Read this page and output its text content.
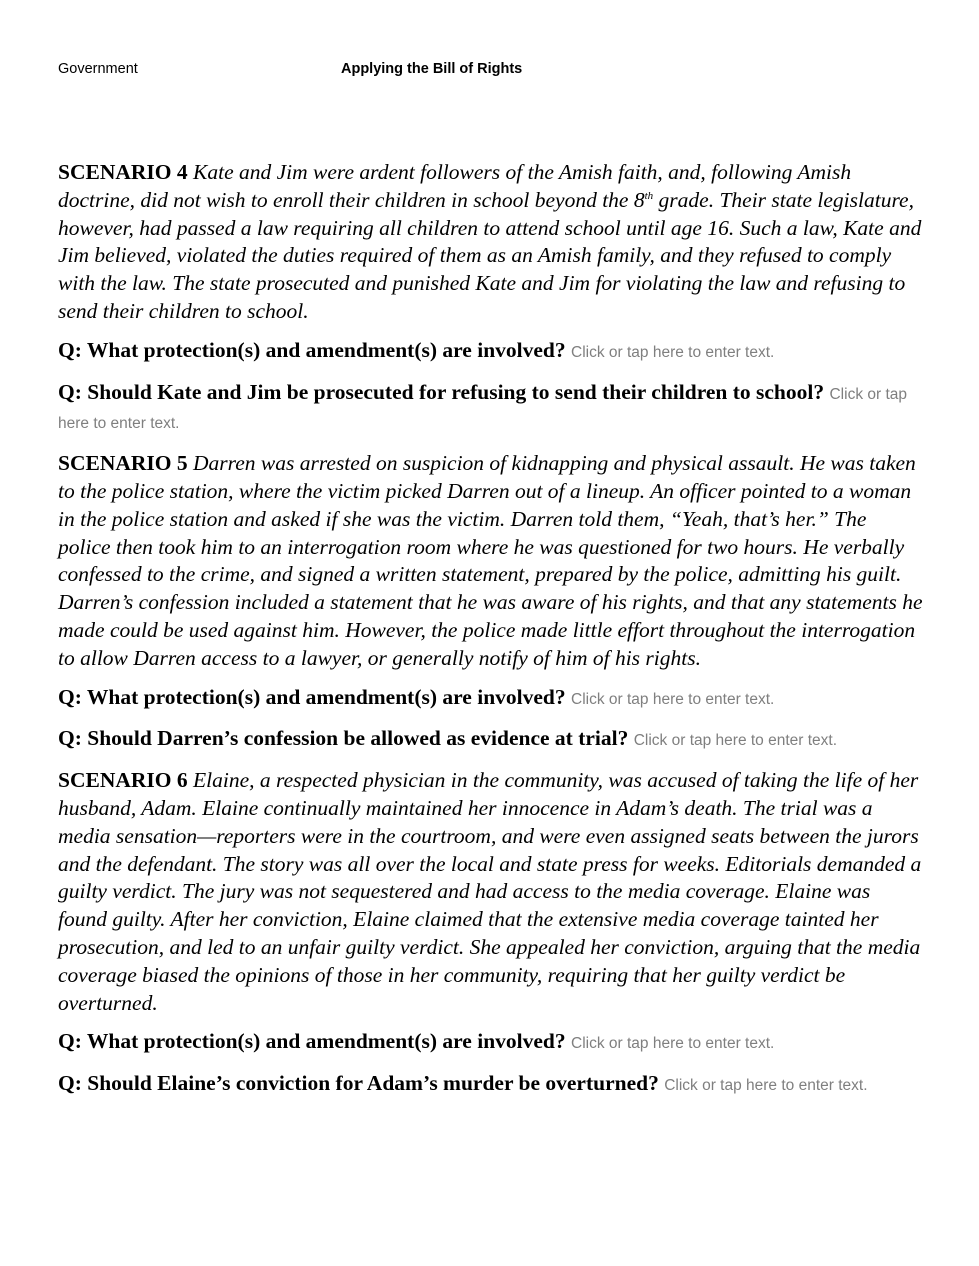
Government	Applying the Bill of Rights

SCENARIO 4 Kate and Jim were ardent followers of the Amish faith, and, following Amish doctrine, did not wish to enroll their children in school beyond the 8th grade. Their state legislature, however, had passed a law requiring all children to attend school until age 16. Such a law, Kate and Jim believed, violated the duties required of them as an Amish family, and they refused to comply with the law. The state prosecuted and punished Kate and Jim for violating the law and refusing to send their children to school.

Q: What protection(s) and amendment(s) are involved? Click or tap here to enter text.

Q: Should Kate and Jim be prosecuted for refusing to send their children to school? Click or tap here to enter text.

SCENARIO 5 Darren was arrested on suspicion of kidnapping and physical assault. He was taken to the police station, where the victim picked Darren out of a lineup. An officer pointed to a woman in the police station and asked if she was the victim. Darren told them, “Yeah, that’s her.” The police then took him to an interrogation room where he was questioned for two hours. He verbally confessed to the crime, and signed a written statement, prepared by the police, admitting his guilt. Darren’s confession included a statement that he was aware of his rights, and that any statements he made could be used against him. However, the police made little effort throughout the interrogation to allow Darren access to a lawyer, or generally notify of him of his rights.

Q: What protection(s) and amendment(s) are involved? Click or tap here to enter text.

Q: Should Darren’s confession be allowed as evidence at trial? Click or tap here to enter text.

SCENARIO 6 Elaine, a respected physician in the community, was accused of taking the life of her husband, Adam. Elaine continually maintained her innocence in Adam’s death. The trial was a media sensation—reporters were in the courtroom, and were even assigned seats between the jurors and the defendant. The story was all over the local and state press for weeks. Editorials demanded a guilty verdict. The jury was not sequestered and had access to the media coverage. Elaine was found guilty. After her conviction, Elaine claimed that the extensive media coverage tainted her prosecution, and led to an unfair guilty verdict. She appealed her conviction, arguing that the media coverage biased the opinions of those in her community, requiring that her guilty verdict be overturned.

Q: What protection(s) and amendment(s) are involved? Click or tap here to enter text.

Q: Should Elaine’s conviction for Adam’s murder be overturned? Click or tap here to enter text.
